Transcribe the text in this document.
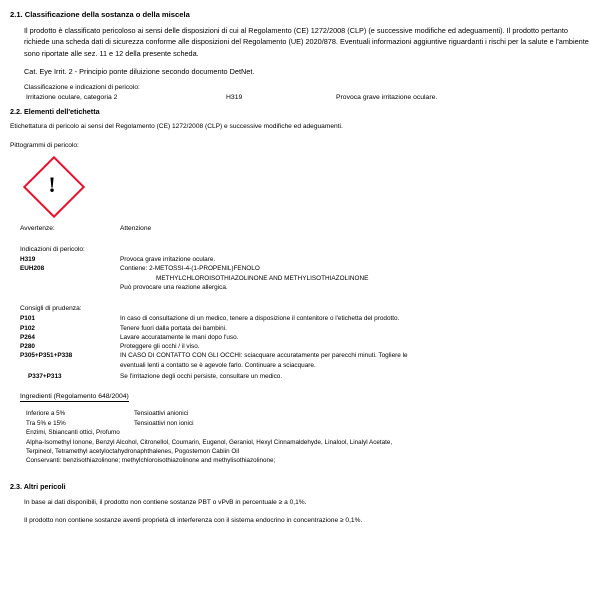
2.1. Classificazione della sostanza o della miscela

Il prodotto è classificato pericoloso ai sensi delle disposizioni di cui al Regolamento (CE) 1272/2008 (CLP) (e successive modifiche ed adeguamenti). Il prodotto pertanto richiede una scheda dati di sicurezza conforme alle disposizioni del Regolamento (UE) 2020/878. Eventuali informazioni aggiuntive riguardanti i rischi per la salute e l'ambiente sono riportate alle sez. 11 e 12 della presente scheda.

Cat. Eye Irrit. 2 - Principio ponte diluizione secondo documento DetNet.

Classificazione e indicazioni di pericolo:
Irritazione oculare, categoria 2	H319	Provoca grave irritazione oculare.
2.2. Elementi dell'etichetta
Etichettatura di pericolo ai sensi del Regolamento (CE) 1272/2008 (CLP) e successive modifiche ed adeguamenti.
Pittogrammi di pericolo:
!
Avvertenze:	Attenzione
Indicazioni di pericolo:
H319	Provoca grave irritazione oculare.
EUH208	Contiene: 2-METOSSI-4-(1-PROPENIL)FENOLO
METHYLCHLOROISOTHIAZOLINONE AND METHYLISOTHIAZOLINONE
Può provocare una reazione allergica.
Consigli di prudenza:
P101	In caso di consultazione di un medico, tenere a disposizione il contenitore o l'etichetta del prodotto.
P102	Tenere fuori dalla portata dei bambini.
P264	Lavare accuratamente le mani dopo l'uso.
P280	Proteggere gli occhi / il viso.
P305+P351+P338	IN CASO DI CONTATTO CON GLI OCCHI: sciacquare accuratamente per parecchi minuti. Togliere le
eventuali lenti a contatto se è agevole farlo. Continuare a sciacquare.
P337+P313	Se l'irritazione degli occhi persiste, consultare un medico.
Ingredienti (Regolamento 648/2004)
Inferiore a 5%	Tensioattivi anionici
Tra 5% e 15%	Tensioattivi non ionici
Enzimi, Sbiancanti ottici, Profumo
Alpha-Isomethyl Ionone, Benzyl Alcohol, Citronellol, Coumarin, Eugenol, Geraniol, Hexyl Cinnamaldehyde, Linalool, Linalyl Acetate,
Terpineol, Tetramethyl acetyloctahydronaphthalenes, Pogostemon Cabiin Oil
Conservanti: benzisothiazolinone; methylchloroisothiazolinone and methylisothiazolinone;
2.3. Altri pericoli

In base ai dati disponibili, il prodotto non contiene sostanze PBT o vPvB in percentuale ≥ a 0,1%.

Il prodotto non contiene sostanze aventi proprietà di interferenza con il sistema endocrino in concentrazione ≥ 0,1%.
